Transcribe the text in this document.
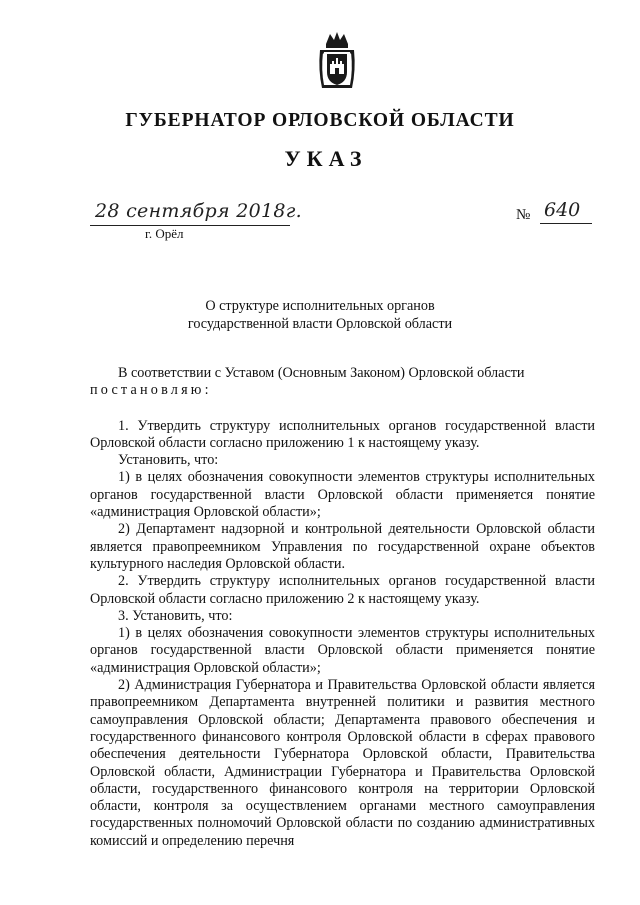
ГУБЕРНАТОР ОРЛОВСКОЙ ОБЛАСТИ
УКАЗ
28 сентября 2018г.
г. Орёл
№ 640
О структуре исполнительных органов
государственной власти Орловской области

В соответствии с Уставом (Основным Законом) Орловской области

постановляю:

1. Утвердить структуру исполнительных органов государственной власти Орловской области согласно приложению 1 к настоящему указу.

Установить, что:

1) в целях обозначения совокупности элементов структуры исполнительных органов государственной власти Орловской области применяется понятие «администрация Орловской области»;

2) Департамент надзорной и контрольной деятельности Орловской области является правопреемником Управления по государственной охране объектов культурного наследия Орловской области.

2. Утвердить структуру исполнительных органов государственной власти Орловской области согласно приложению 2 к настоящему указу.

3. Установить, что:

1) в целях обозначения совокупности элементов структуры исполнительных органов государственной власти Орловской области применяется понятие «администрация Орловской области»;

2) Администрация Губернатора и Правительства Орловской области является правопреемником Департамента внутренней политики и развития местного самоуправления Орловской области; Департамента правового обеспечения и государственного финансового контроля Орловской области в сферах правового обеспечения деятельности Губернатора Орловской области, Правительства Орловской области, Администрации Губернатора и Правительства Орловской области, государственного финансового контроля на территории Орловской области, контроля за осуществлением органами местного самоуправления государственных полномочий Орловской области по созданию административных комиссий и определению перечня
